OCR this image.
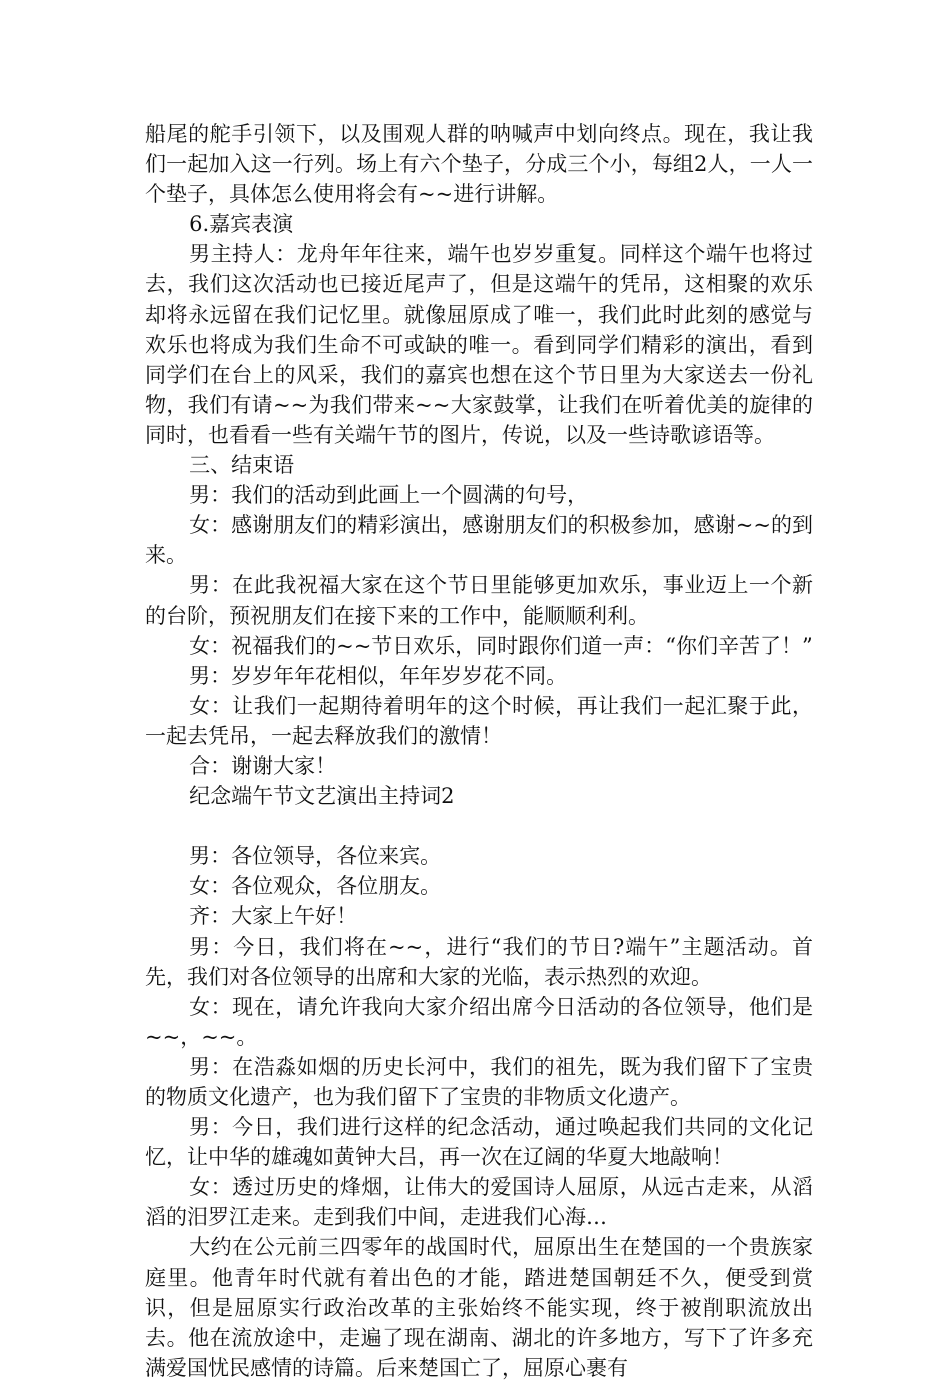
船尾的舵手引领下，以及围观人群的呐喊声中划向终点。现在，我让我们一起加入这一行列。场上有六个垫子，分成三个小，每组2人，一人一个垫子，具体怎么使用将会有~~进行讲解。

6.嘉宾表演

男主持人：龙舟年年往来，端午也岁岁重复。同样这个端午也将过去，我们这次活动也已接近尾声了，但是这端午的凭吊，这相聚的欢乐却将永远留在我们记忆里。就像屈原成了唯一，我们此时此刻的感觉与欢乐也将成为我们生命不可或缺的唯一。看到同学们精彩的演出，看到同学们在台上的风采，我们的嘉宾也想在这个节日里为大家送去一份礼物，我们有请~~为我们带来~~大家鼓掌，让我们在听着优美的旋律的同时，也看看一些有关端午节的图片，传说，以及一些诗歌谚语等。

三、结束语

男：我们的活动到此画上一个圆满的句号，

女：感谢朋友们的精彩演出，感谢朋友们的积极参加，感谢~~的到来。

男：在此我祝福大家在这个节日里能够更加欢乐，事业迈上一个新的台阶，预祝朋友们在接下来的工作中，能顺顺利利。

女：祝福我们的~~节日欢乐，同时跟你们道一声：“你们辛苦了！”

男：岁岁年年花相似，年年岁岁花不同。

女：让我们一起期待着明年的这个时候，再让我们一起汇聚于此，一起去凭吊，一起去释放我们的激情！

合：谢谢大家！

纪念端午节文艺演出主持词2

男：各位领导，各位来宾。

女：各位观众，各位朋友。

齐：大家上午好！

男：今日，我们将在~~，进行“我们的节日?端午”主题活动。首先，我们对各位领导的出席和大家的光临，表示热烈的欢迎。

女：现在，请允许我向大家介绍出席今日活动的各位领导，他们是~~，~~。

男：在浩淼如烟的历史长河中，我们的祖先，既为我们留下了宝贵的物质文化遗产，也为我们留下了宝贵的非物质文化遗产。

男：今日，我们进行这样的纪念活动，通过唤起我们共同的文化记忆，让中华的雄魂如黄钟大吕，再一次在辽阔的华夏大地敲响！

女：透过历史的烽烟，让伟大的爱国诗人屈原，从远古走来，从滔滔的汨罗江走来。走到我们中间，走进我们心海…

大约在公元前三四零年的战国时代，屈原出生在楚国的一个贵族家庭里。他青年时代就有着出色的才能，踏进楚国朝廷不久，便受到赏识，但是屈原实行政治改革的主张始终不能实现，终于被削职流放出去。他在流放途中，走遍了现在湖南、湖北的许多地方，写下了许多充满爱国忧民感情的诗篇。后来楚国亡了，屈原心裹有
